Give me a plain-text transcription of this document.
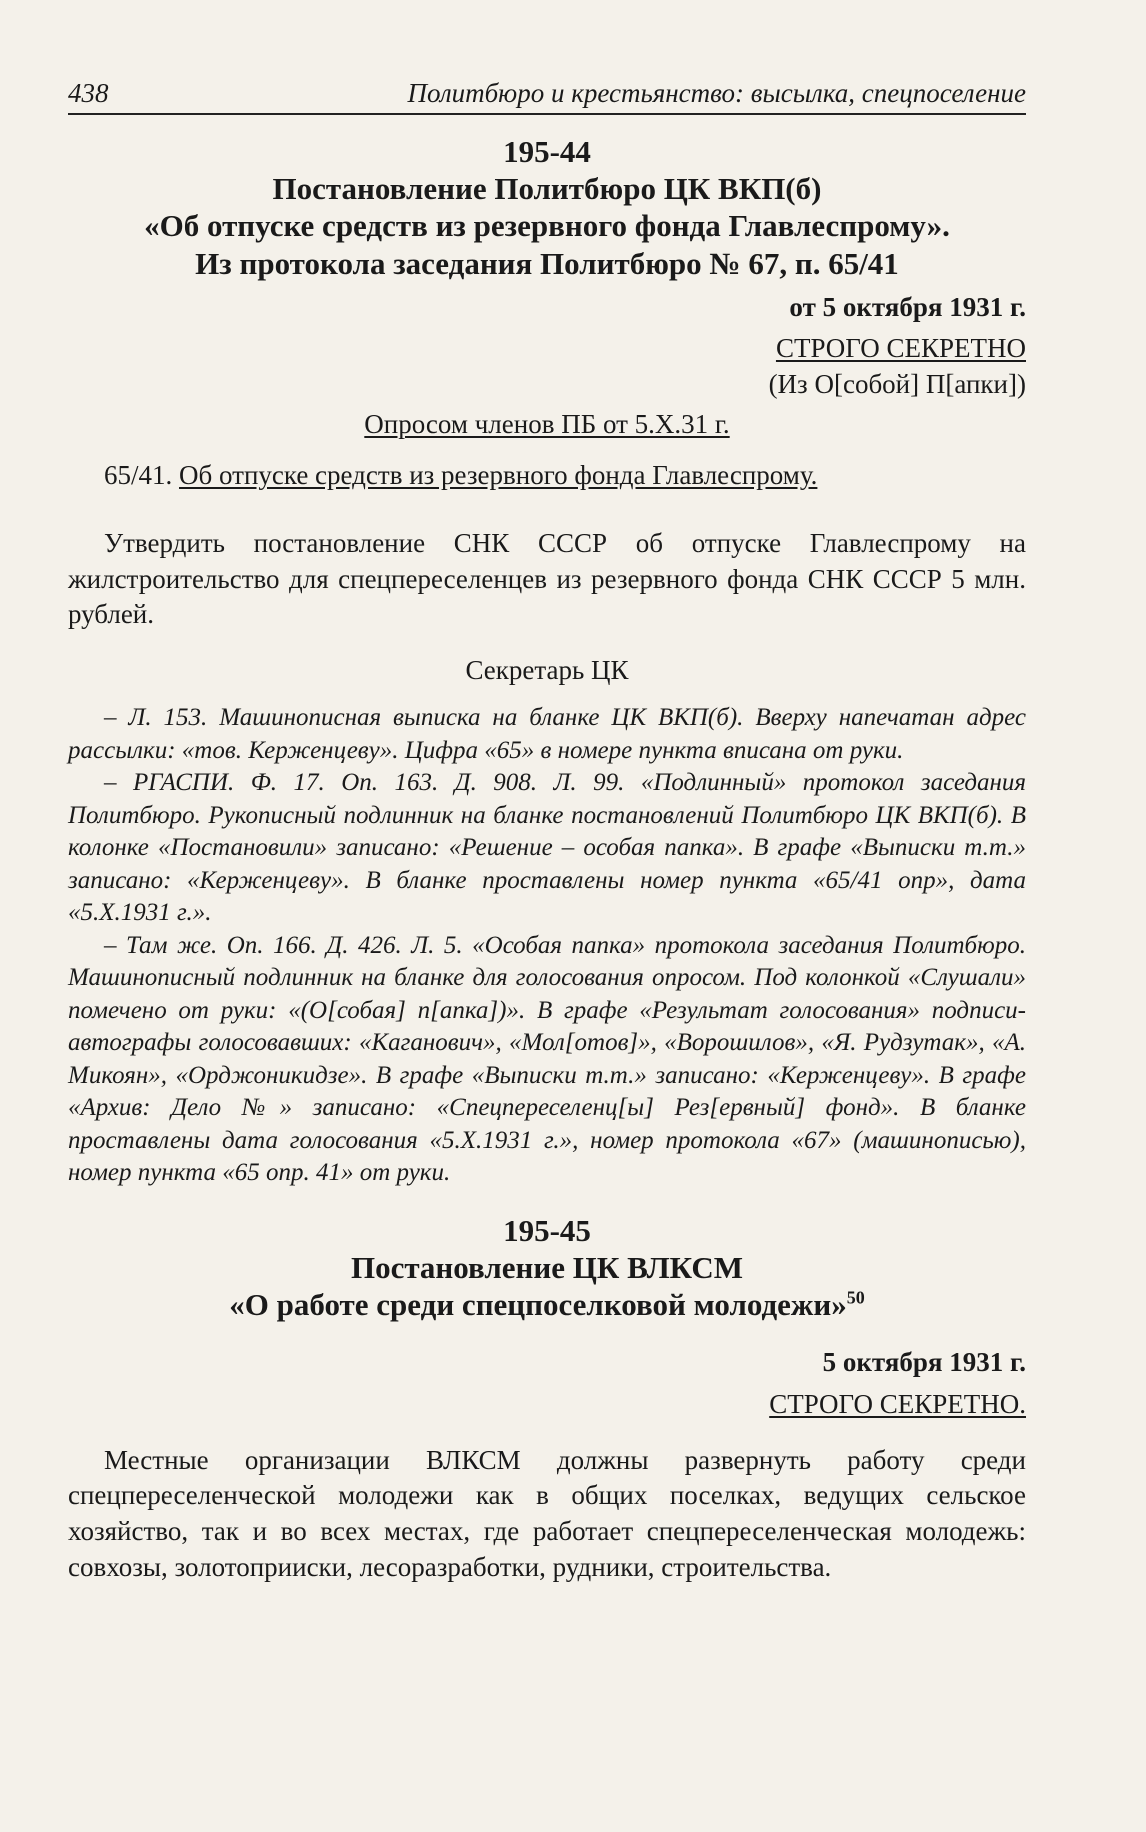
438	Политбюро и крестьянство: высылка, спецпоселение

195-44

Постановление Политбюро ЦК ВКП(б)

«Об отпуске средств из резервного фонда Главлеспрому».

Из протокола заседания Политбюро № 67, п. 65/41

от 5 октября 1931 г.

СТРОГО СЕКРЕТНО

(Из О[собой] П[апки])

Опросом членов ПБ от 5.X.31 г.

65/41. Об отпуске средств из резервного фонда Главлеспрому.

Утвердить постановление СНК СССР об отпуске Главлеспрому на жилстроительство для спецпереселенцев из резервного фонда СНК СССР 5 млн. рублей.

Секретарь ЦК

– Л. 153. Машинописная выписка на бланке ЦК ВКП(б). Вверху напечатан адрес рассылки: «тов. Керженцеву». Цифра «65» в номере пункта вписана от руки.

– РГАСПИ. Ф. 17. Оп. 163. Д. 908. Л. 99. «Подлинный» протокол заседания Политбюро. Рукописный подлинник на бланке постановлений Политбюро ЦК ВКП(б). В колонке «Постановили» записано: «Решение – особая папка». В графе «Выписки т.т.» записано: «Керженцеву». В бланке проставлены номер пункта «65/41 опр», дата «5.X.1931 г.».

– Там же. Оп. 166. Д. 426. Л. 5. «Особая папка» протокола заседания Политбюро. Машинописный подлинник на бланке для голосования опросом. Под колонкой «Слушали» помечено от руки: «(О[собая] п[апка])». В графе «Результат голосования» подписи-автографы голосовавших: «Каганович», «Мол[отов]», «Ворошилов», «Я. Рудзутак», «А. Микоян», «Орджоникидзе». В графе «Выписки т.т.» записано: «Керженцеву». В графе «Архив: Дело №» записано: «Спецпереселенц[ы] Рез[ервный] фонд». В бланке проставлены дата голосования «5.X.1931 г.», номер протокола «67» (машинописью), номер пункта «65 опр. 41» от руки.

195-45

Постановление ЦК ВЛКСМ

«О работе среди спецпоселковой молодежи»$^{50}$

5 октября 1931 г.

СТРОГО СЕКРЕТНО.

Местные организации ВЛКСМ должны развернуть работу среди спецпереселенческой молодежи как в общих поселках, ведущих сельское хозяйство, так и во всех местах, где работает спецпереселенческая молодежь: совхозы, золотоприиски, лесоразработки, рудники, строительства.
